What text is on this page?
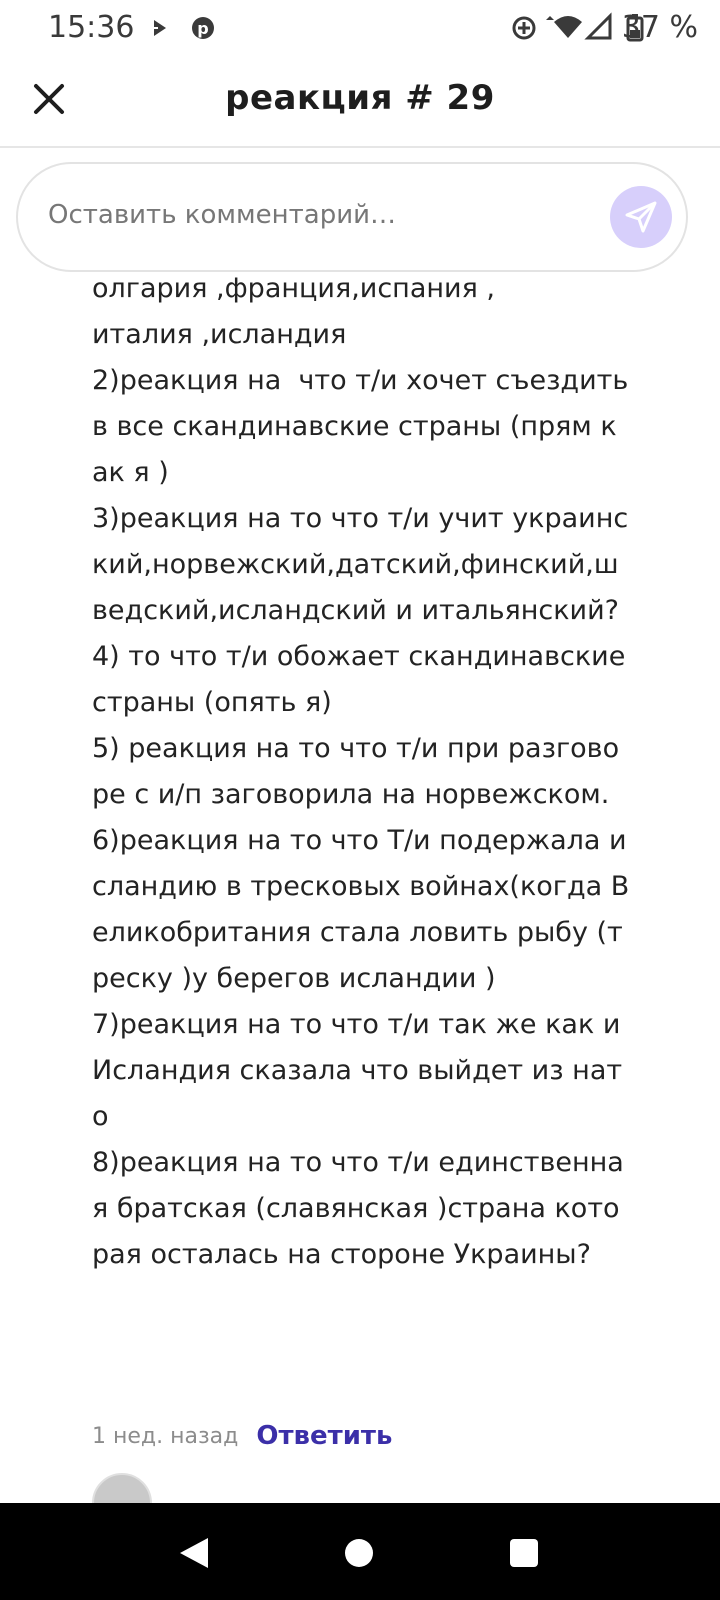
15:36	p	37 %
реакция # 29
олгария ,франция,испания ,
италия ,исландия
2)реакция на  что т/и хочет съездить в все скандинавские страны (прям как я )
3)реакция на то что т/и учит украинский,норвежский,датский,финский,шведский,исландский и итальянский?
4) то что т/и обожает скандинавские страны (опять я)
5) реакция на то что т/и при разговоре с и/п заговорила на норвежском.
6)реакция на то что Т/и подержала исландию в тресковых войнах(когда Великобритания стала ловить рыбу (треску )у берегов исландии )
7)реакция на то что т/и так же как и Исландия сказала что выйдет из нато
8)реакция на то что т/и единственная братская (славянская )страна которая осталась на стороне Украины?
1 нед. назад Ответить
Оставить комментарий…
